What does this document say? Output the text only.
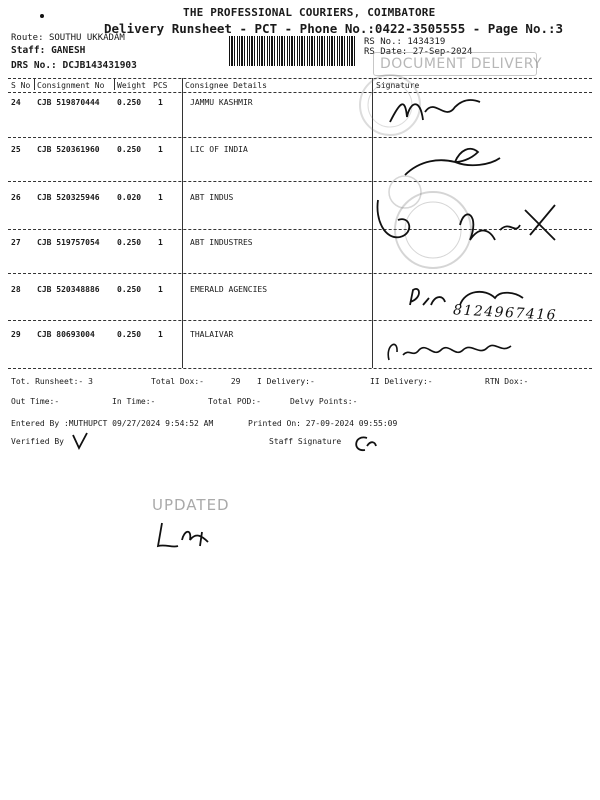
THE PROFESSIONAL COURIERS, COIMBATORE
Delivery Runsheet - PCT - Phone No.:0422-3505555 - Page No.:3
Route: SOUTHU UKKADAM
Staff: GANESH
DRS No.: DCJB143431903
RS No.: 1434319
RS Date: 27-Sep-2024
DOCUMENT DELIVERY
S No Consignment No Weight PCS Consignee Details	Signature
24 CJB 519870444 0.250 1	JAMMU KASHMIR
25 CJB 520361960 0.250 1	LIC OF INDIA
26 CJB 520325946 0.020 1	ABT INDUS
27 CJB 519757054 0.250 1	ABT INDUSTRES
28 CJB 520348886 0.250 1	EMERALD AGENCIES
29 CJB 80693004	0.250 1	THALAIVAR
8124967416
Tot. Runsheet:- 3	Total Dox:-	29 I Delivery:-	II Delivery:-	RTN Dox:-
Out Time:-	In Time:-	Total POD:-	Delvy Points:-
Entered By :MUTHUPCT 09/27/2024 9:54:52 AM	Printed On: 27-09-2024 09:55:09
Verified By	Staff Signature
UPDATED
